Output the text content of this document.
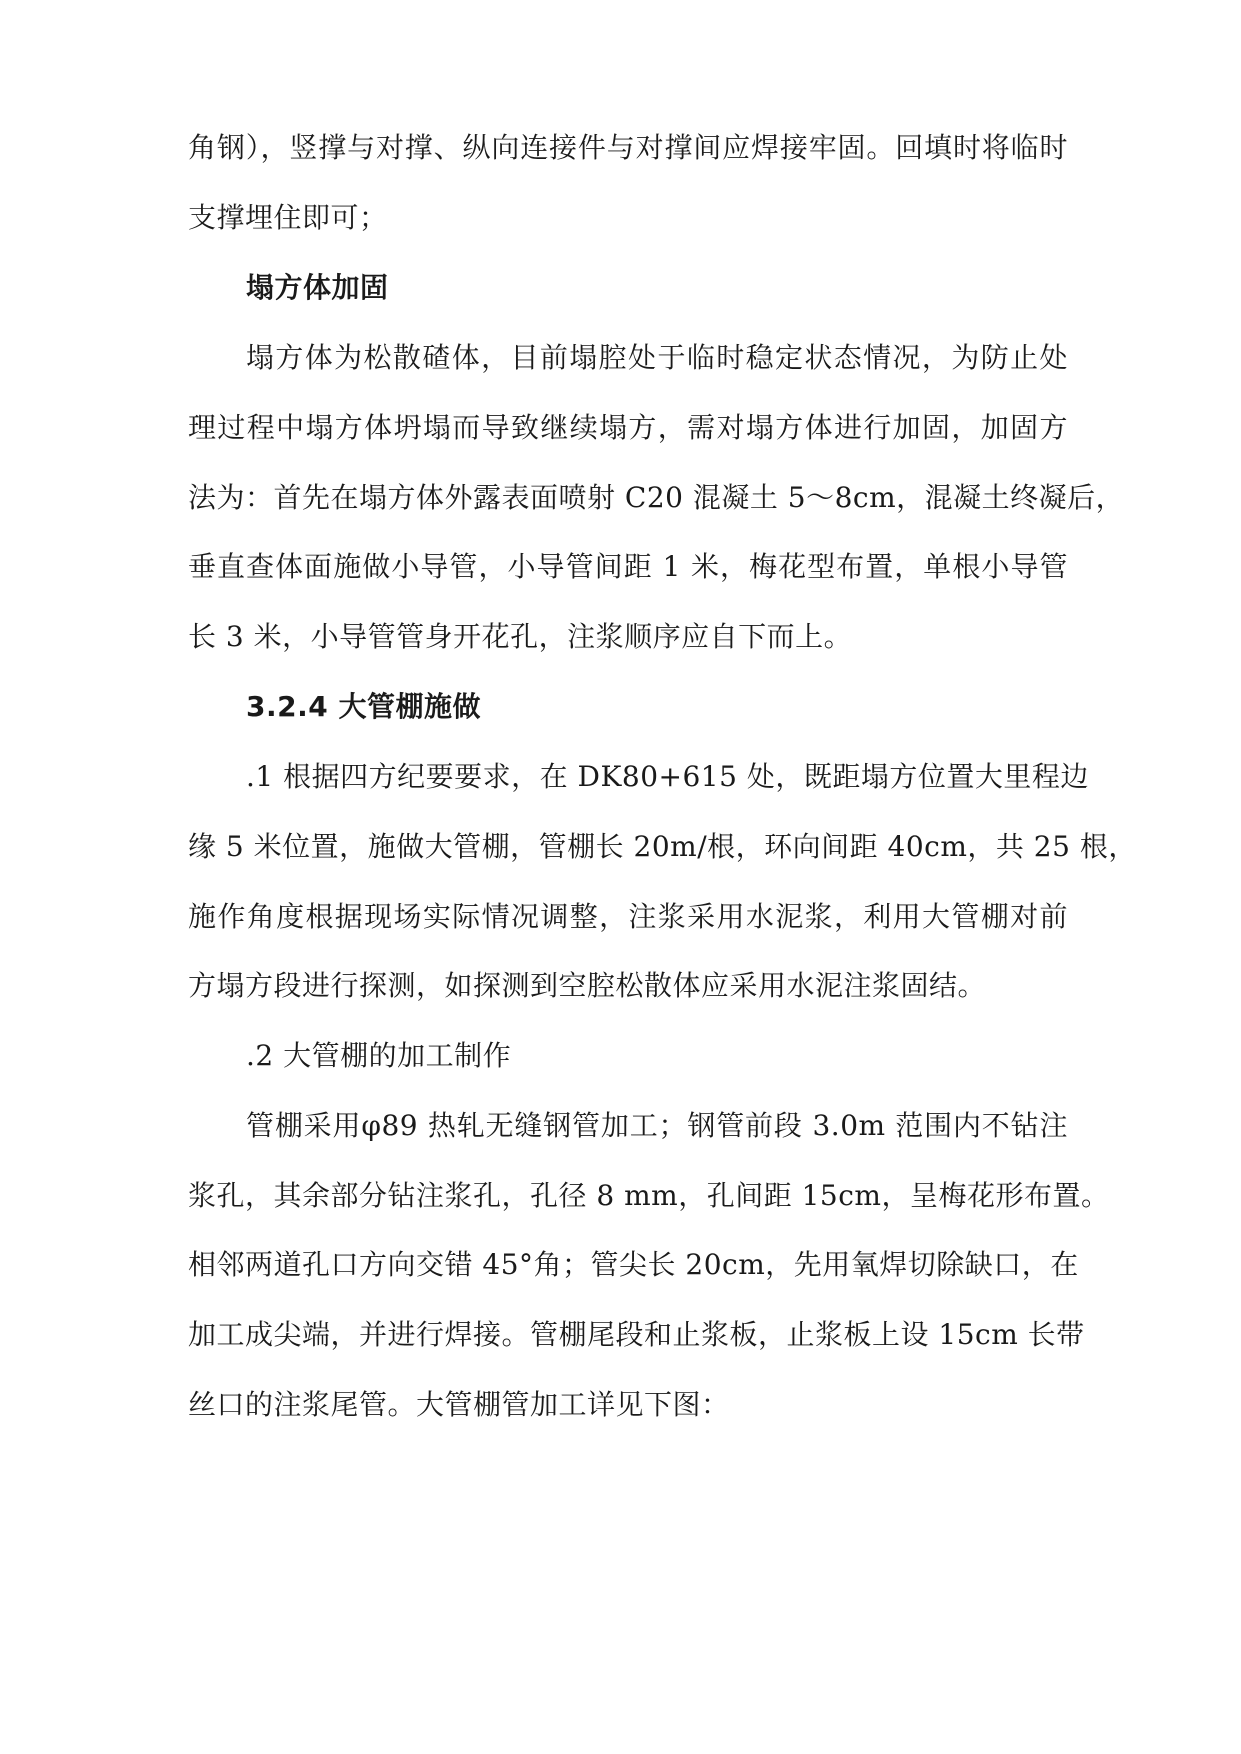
角钢），竖撑与对撑、纵向连接件与对撑间应焊接牢固。回填时将临时
支撑埋住即可；
塌方体加固
塌方体为松散碴体，目前塌腔处于临时稳定状态情况，为防止处
理过程中塌方体坍塌而导致继续塌方，需对塌方体进行加固，加固方
法为：首先在塌方体外露表面喷射 C20 混凝土 5～8cm，混凝土终凝后，
垂直查体面施做小导管，小导管间距 1 米，梅花型布置，单根小导管
长 3 米，小导管管身开花孔，注浆顺序应自下而上。
3.2.4 大管棚施做
.1 根据四方纪要要求，在 DK80+615 处，既距塌方位置大里程边
缘 5 米位置，施做大管棚，管棚长 20m/根，环向间距 40cm，共 25 根，
施作角度根据现场实际情况调整，注浆采用水泥浆，利用大管棚对前
方塌方段进行探测，如探测到空腔松散体应采用水泥注浆固结。
.2 大管棚的加工制作
管棚采用φ89 热轧无缝钢管加工；钢管前段 3.0m 范围内不钻注
浆孔，其余部分钻注浆孔，孔径 8 mm，孔间距 15cm，呈梅花形布置。
相邻两道孔口方向交错 45°角；管尖长 20cm，先用氧焊切除缺口，在
加工成尖端，并进行焊接。管棚尾段和止浆板，止浆板上设 15cm 长带
丝口的注浆尾管。大管棚管加工详见下图：
